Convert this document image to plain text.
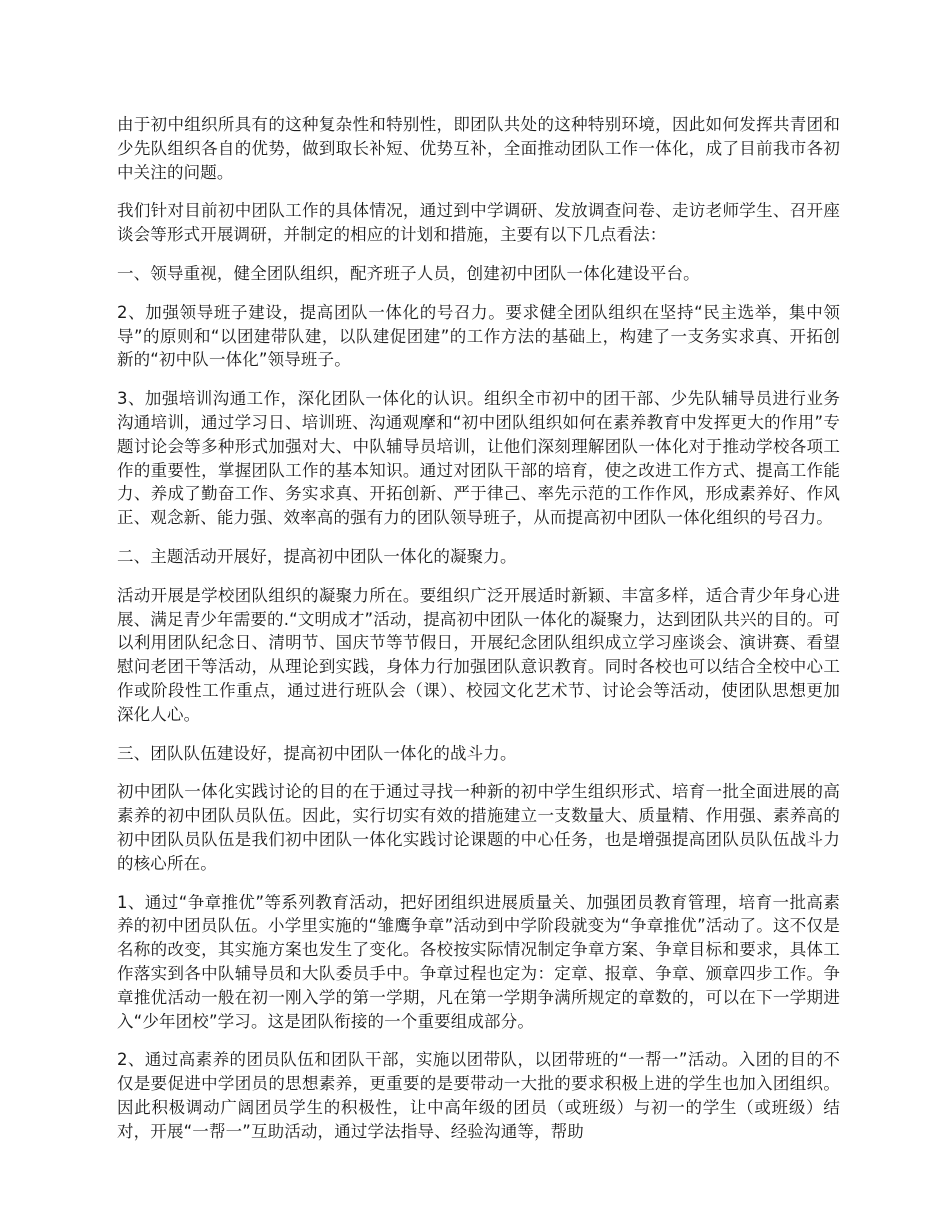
由于初中组织所具有的这种复杂性和特别性，即团队共处的这种特别环境，因此如何发挥共青团和少先队组织各自的优势，做到取长补短、优势互补，全面推动团队工作一体化，成了目前我市各初中关注的问题。

我们针对目前初中团队工作的具体情况，通过到中学调研、发放调查问卷、走访老师学生、召开座谈会等形式开展调研，并制定的相应的计划和措施，主要有以下几点看法：

一、领导重视，健全团队组织，配齐班子人员，创建初中团队一体化建设平台。

2、加强领导班子建设，提高团队一体化的号召力。要求健全团队组织在坚持“民主选举，集中领导”的原则和“以团建带队建，以队建促团建”的工作方法的基础上，构建了一支务实求真、开拓创新的“初中队一体化”领导班子。

3、加强培训沟通工作，深化团队一体化的认识。组织全市初中的团干部、少先队辅导员进行业务沟通培训，通过学习日、培训班、沟通观摩和“初中团队组织如何在素养教育中发挥更大的作用”专题讨论会等多种形式加强对大、中队辅导员培训，让他们深刻理解团队一体化对于推动学校各项工作的重要性，掌握团队工作的基本知识。通过对团队干部的培育，使之改进工作方式、提高工作能力、养成了勤奋工作、务实求真、开拓创新、严于律己、率先示范的工作作风，形成素养好、作风正、观念新、能力强、效率高的强有力的团队领导班子，从而提高初中团队一体化组织的号召力。

二、主题活动开展好，提高初中团队一体化的凝聚力。

活动开展是学校团队组织的凝聚力所在。要组织广泛开展适时新颖、丰富多样，适合青少年身心进展、满足青少年需要的.“文明成才”活动，提高初中团队一体化的凝聚力，达到团队共兴的目的。可以利用团队纪念日、清明节、国庆节等节假日，开展纪念团队组织成立学习座谈会、演讲赛、看望慰问老团干等活动，从理论到实践，身体力行加强团队意识教育。同时各校也可以结合全校中心工作或阶段性工作重点，通过进行班队会（课）、校园文化艺术节、讨论会等活动，使团队思想更加深化人心。

三、团队队伍建设好，提高初中团队一体化的战斗力。

初中团队一体化实践讨论的目的在于通过寻找一种新的初中学生组织形式、培育一批全面进展的高素养的初中团队员队伍。因此，实行切实有效的措施建立一支数量大、质量精、作用强、素养高的初中团队员队伍是我们初中团队一体化实践讨论课题的中心任务，也是增强提高团队员队伍战斗力的核心所在。

1、通过“争章推优”等系列教育活动，把好团组织进展质量关、加强团员教育管理，培育一批高素养的初中团员队伍。小学里实施的“雏鹰争章”活动到中学阶段就变为“争章推优”活动了。这不仅是名称的改变，其实施方案也发生了变化。各校按实际情况制定争章方案、争章目标和要求，具体工作落实到各中队辅导员和大队委员手中。争章过程也定为：定章、报章、争章、颁章四步工作。争章推优活动一般在初一刚入学的第一学期，凡在第一学期争满所规定的章数的，可以在下一学期进入“少年团校”学习。这是团队衔接的一个重要组成部分。

2、通过高素养的团员队伍和团队干部，实施以团带队，以团带班的“一帮一”活动。入团的目的不仅是要促进中学团员的思想素养，更重要的是要带动一大批的要求积极上进的学生也加入团组织。因此积极调动广阔团员学生的积极性，让中高年级的团员（或班级）与初一的学生（或班级）结对，开展“一帮一”互助活动，通过学法指导、经验沟通等，帮助
